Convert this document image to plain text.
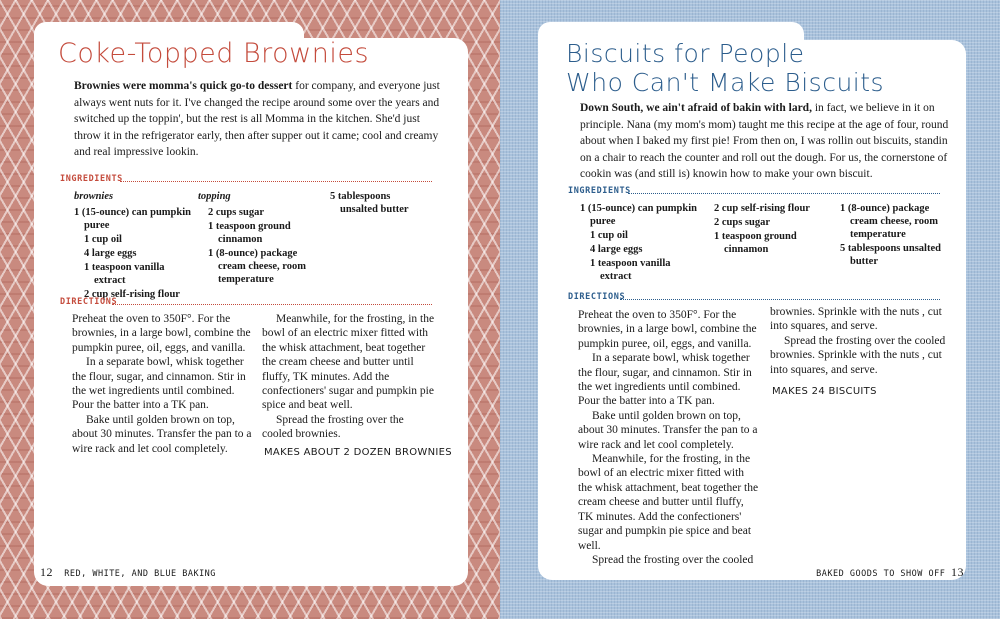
Coke-Topped Brownies
Brownies were momma's quick go-to dessert for company, and everyone just always went nuts for it. I've changed the recipe around some over the years and switched up the toppin', but the rest is all Momma in the kitchen. She'd just throw it in the refrigerator early, then after supper out it came; cool and creamy and real impressive lookin.
INGREDIENTS
brownies
1 (15-ounce) can pumpkin puree
1 cup oil
4 large eggs
1 teaspoon vanilla extract
2 cup self-rising flour
topping
2 cups sugar
1 teaspoon ground cinnamon
1 (8-ounce) package cream cheese, room temperature
5 tablespoons unsalted butter
DIRECTIONS

Preheat the oven to 350F°. For the brownies, in a large bowl, combine the pumpkin puree, oil, eggs, and vanilla.

In a separate bowl, whisk together the flour, sugar, and cinnamon. Stir in the wet ingredients until combined. Pour the batter into a TK pan.

Bake until golden brown on top, about 30 minutes. Transfer the pan to a wire rack and let cool completely.

Meanwhile, for the frosting, in the bowl of an electric mixer fitted with the whisk attachment, beat together the cream cheese and butter until fluffy, TK minutes. Add the confectioners' sugar and pumpkin pie spice and beat well.

Spread the frosting over the cooled brownies.

MAKES ABOUT 2 DOZEN BROWNIES
12 RED, WHITE, AND BLUE BAKING
Biscuits for People
Who Can't Make Biscuits
Down South, we ain't afraid of bakin with lard, in fact, we believe in it on principle. Nana (my mom's mom) taught me this recipe at the age of four, round about when I baked my first pie! From then on, I was rollin out biscuits, standin on a chair to reach the counter and roll out the dough. For us, the cornerstone of cookin was (and still is) knowin how to make your own biscuit.
INGREDIENTS
1 (15-ounce) can pumpkin puree
1 cup oil
4 large eggs
1 teaspoon vanilla extract
2 cup self-rising flour
2 cups sugar
1 teaspoon ground cinnamon
1 (8-ounce) package cream cheese, room temperature
5 tablespoons unsalted butter
DIRECTIONS

Preheat the oven to 350F°. For the brownies, in a large bowl, combine the pumpkin puree, oil, eggs, and vanilla.

In a separate bowl, whisk together the flour, sugar, and cinnamon. Stir in the wet ingredients until combined. Pour the batter into a TK pan.

Bake until golden brown on top, about 30 minutes. Transfer the pan to a wire rack and let cool completely.

Meanwhile, for the frosting, in the bowl of an electric mixer fitted with the whisk attachment, beat together the cream cheese and butter until fluffy, TK minutes. Add the confectioners' sugar and pumpkin pie spice and beat well.

Spread the frosting over the cooled

brownies. Sprinkle with the nuts , cut into squares, and serve.

Spread the frosting over the cooled brownies. Sprinkle with the nuts , cut into squares, and serve.

MAKES 24 BISCUITS
BAKED GOODS TO SHOW OFF 13
